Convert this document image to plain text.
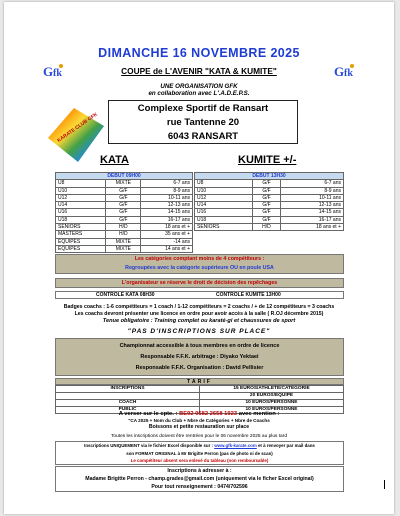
G fk	G fk
DIMANCHE 16 NOVEMBRE 2025
COUPE de L'AVENIR "KATA & KUMITE"
UNE ORGANISATION GFK
en collaboration avec L'.A.D.E.P.S.
KARATE CLUB GFK
Complexe Sportif de Ransart
rue Tantenne 20
6043 RANSART
KATA	KUMITE +/-
DEBUT 09H00		
U8	MIXTE	6-7 ans
U10	G/F	8-9 ans
U12	G/F	10-11 ans
U14	G/F	12-13 ans
U16	G/F	14-15 ans
U18	G/F	16-17 ans
SENIORS	H/D	18 ans et +
MASTERS	H/D	35 ans et +
EQUIPES	MIXTE	-14 ans
EQUIPES	MIXTE	14 ans et +
DEBUT 13H30		
U8	G/F	6-7 ans
U10	G/F	8-9 ans
U12	G/F	10-11 ans
U14	G/F	12-13 ans
U16	G/F	14-15 ans
U18	G/F	16-17 ans
SENIORS	H/D	18 ans et +
Les catégories comptant moins de 4 compétiteurs :
Regroupées avec la catégorie supérieure OU en poule USA
L'organisateur se réserve le droit de décision des repêchages
CONTROLE KATA 08H30	CONTROLE KUMITE 13H00
Badges coachs : 1-6 compétiteurs = 1 coach / 1-12 compétiteurs = 2 coachs / + de 12 compétiteurs = 3 coachs
Les coachs devront présenter une licence en ordre pour avoir accès à la salle ( R.OJ décembre 2015)
Tenue obligatoire : Training complet ou karaté-gi et chaussures de sport
"PAS D'INSCRIPTIONS SUR PLACE"
Championnat accessible à tous membres en ordre de licence
Responsable F.F.K. arbitrage : Diyako Yektaei
Responsable F.F.K. Organisation : David Pellisier
TARIF
INSCRIPTIONS	15 EUROS/ATHLETE/CATEGORIE
	20 EUROS/EQUIPE
COACH	10 EUROS/PERSONNE
PUBLIC	10 EUROS/PERSONNE
A verser sur le cpte. : BE92 0682 2658 1923 avec mention :
"CA 2025 + Nom du Club + Nbre de Catégories + Nbre de Coachs
Boissons et petite restauration sur place
Toutes les inscriptions doivent être rentrées pour le 06 novembre 2025 au plus tard
Inscriptions UNIQUEMENT via le fichier Excel disponible sur : www.gfk-karate.com et à renvoyer par mail dans
son FORMAT ORIGINAL à Mr Brigitte Perron (pas de photo ni de scan)
Le compétiteur absent sera enlevé du tableau (non remboursable)
Inscriptions à adresser à :
Madame Brigitte Perron - champ.grades@gmail.com (uniquement via le ficher Excel original)
Pour tout renseignement : 0474/702596
